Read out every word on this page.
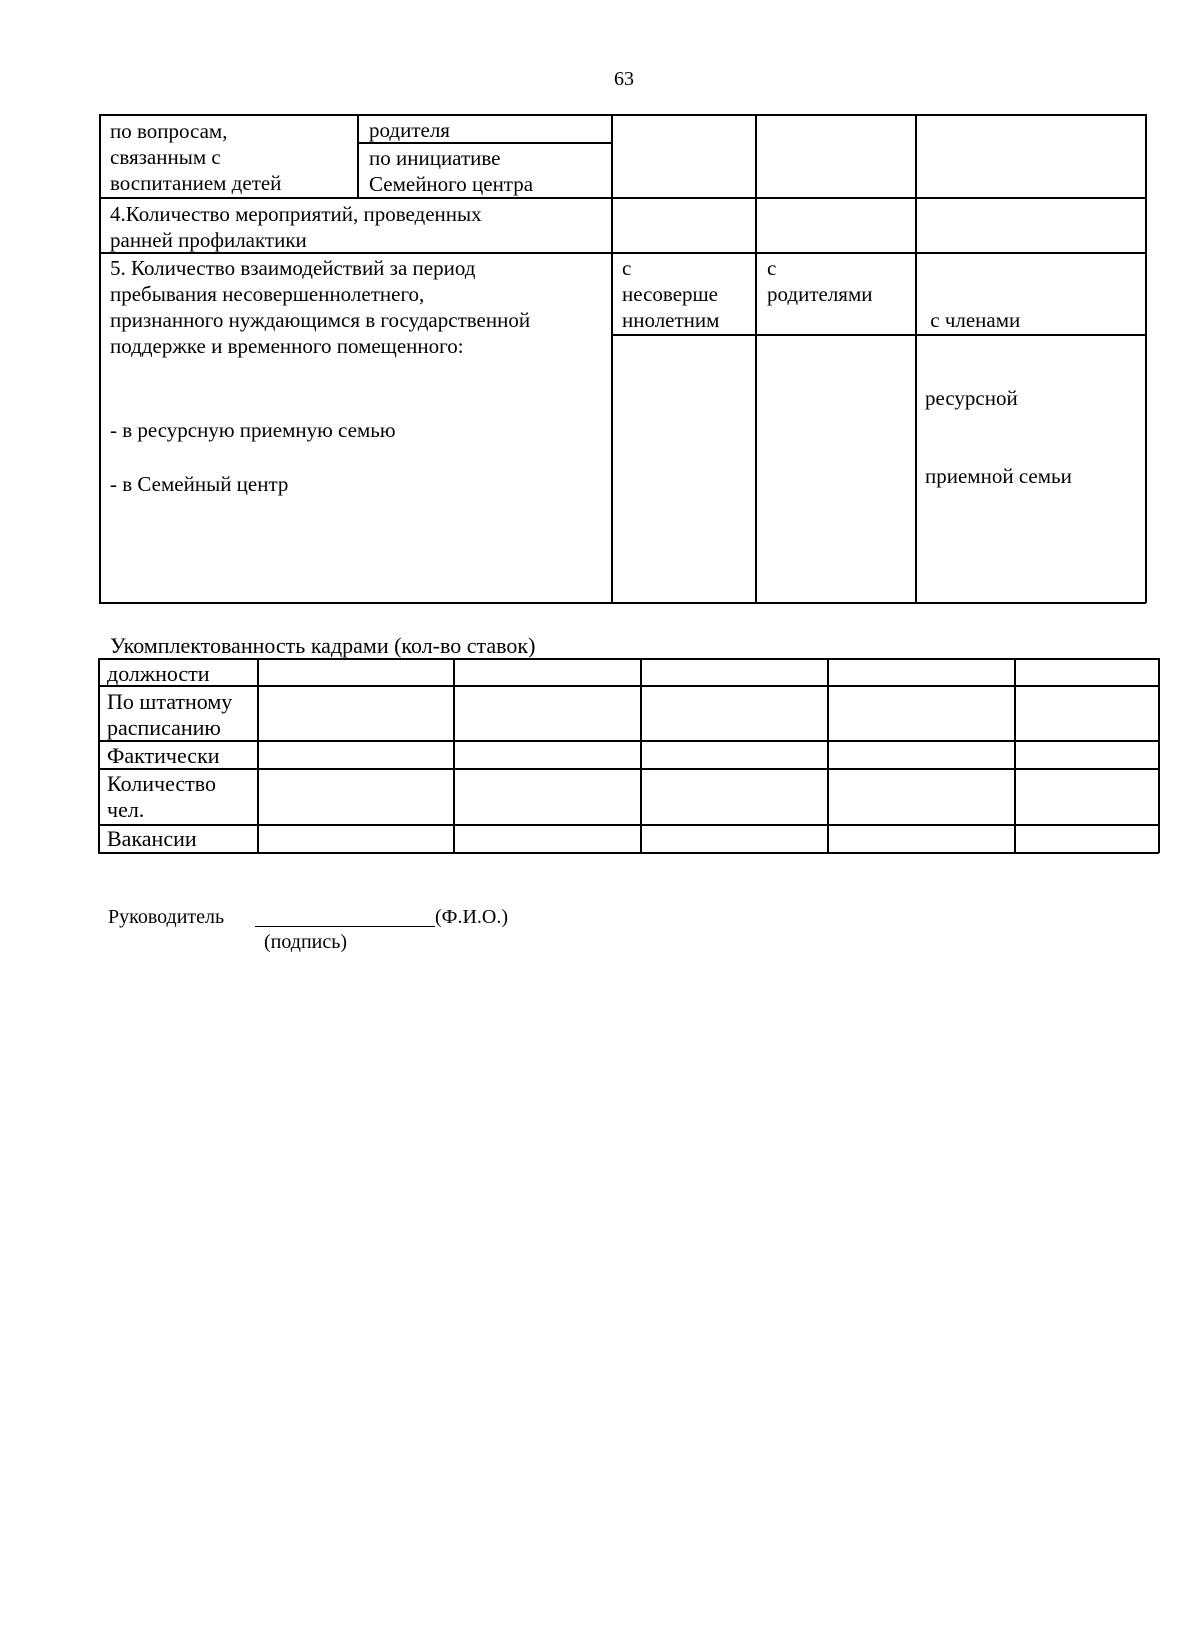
63
по вопросам,
связанным с
воспитанием детей
родителя
по инициативе
Семейного центра
4.Количество мероприятий, проведенных
ранней профилактики
5. Количество взаимодействий за период
пребывания несовершеннолетнего,
признанного нуждающимся в государственной
поддержке и временного помещенного:
- в ресурсную приемную семью
- в Семейный центр
с
несоверше
ннолетним
с
родителями

с членами

ресурсной

приемной семьи

Укомплектованность кадрами (кол-во ставок)
должности
По штатному
расписанию
Фактически
Количество
чел.
Вакансии
Руководитель	(Ф.И.О.)
(подпись)
